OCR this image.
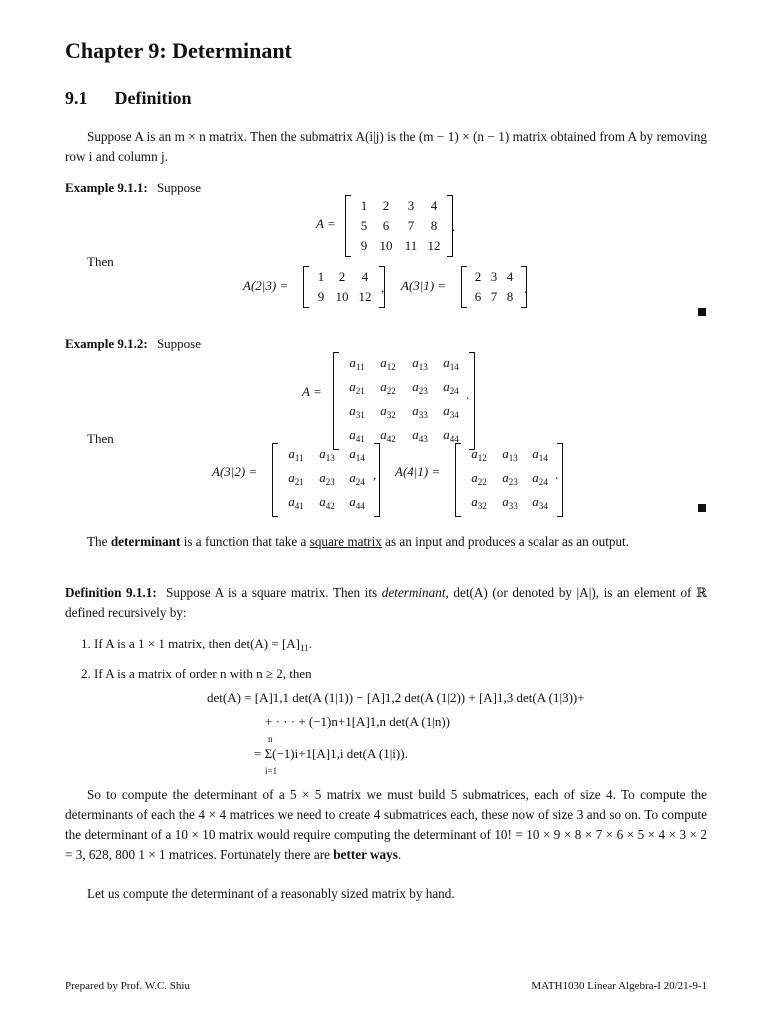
Chapter 9: Determinant
9.1 Definition
Suppose A is an m × n matrix. Then the submatrix A(i|j) is the (m − 1) × (n − 1) matrix obtained from A by removing row i and column j.
Example 9.1.1: Suppose
A =
1	2	3	4
5	6	7	8
9 10 11 12
.
Then
A(2|3) =
1	2	4
9 10 12
, A(3|1) =
2 3 4
6 7 8
.
Example 9.1.2: Suppose
A =
$a_{11}$	$a_{12}$	$a_{13}$	$a_{14}$
$a_{21}$	$a_{22}$	$a_{23}$	$a_{24}$
$a_{31}$	$a_{32}$	$a_{33}$	$a_{34}$
$a_{41}$	$a_{42}$	$a_{43}$	$a_{44}$
.
Then
A(3|2) =
$a_{11}$	$a_{13}$	$a_{14}$
$a_{21}$	$a_{23}$	$a_{24}$
$a_{41}$	$a_{42}$	$a_{44}$
, A(4|1) =
$a_{12}$	$a_{13}$	$a_{14}$
$a_{22}$	$a_{23}$	$a_{24}$
$a_{32}$	$a_{33}$	$a_{34}$
.
The determinant is a function that take a square matrix as an input and produces a scalar as an output.
Definition 9.1.1: Suppose A is a square matrix. Then its determinant, det(A) (or denoted by |A|), is an element of ℝ defined recursively by:
1. If A is a 1 × 1 matrix, then $\det(A) = [A]_{11}$.
2. If A is a matrix of order n with n ≥ 2, then
det(A) = [A]1,1 det(A (1|1)) − [A]1,2 det(A (1|2)) + [A]1,3 det(A (1|3))+
+ · · · + (−1)n+1[A]1,n det(A (1|n))
n
= Σ(−1)i+1[A]1,i det(A (1|i)).
i=1
So to compute the determinant of a 5 × 5 matrix we must build 5 submatrices, each of size 4. To compute the determinants of each the 4 × 4 matrices we need to create 4 submatrices each, these now of size 3 and so on. To compute the determinant of a 10 × 10 matrix would require computing the determinant of 10! = 10 × 9 × 8 × 7 × 6 × 5 × 4 × 3 × 2 = 3, 628, 800 1 × 1 matrices. Fortunately there are better ways.
Let us compute the determinant of a reasonably sized matrix by hand.
Prepared by Prof. W.C. Shiu	MATH1030 Linear Algebra-I 20/21-9-1
